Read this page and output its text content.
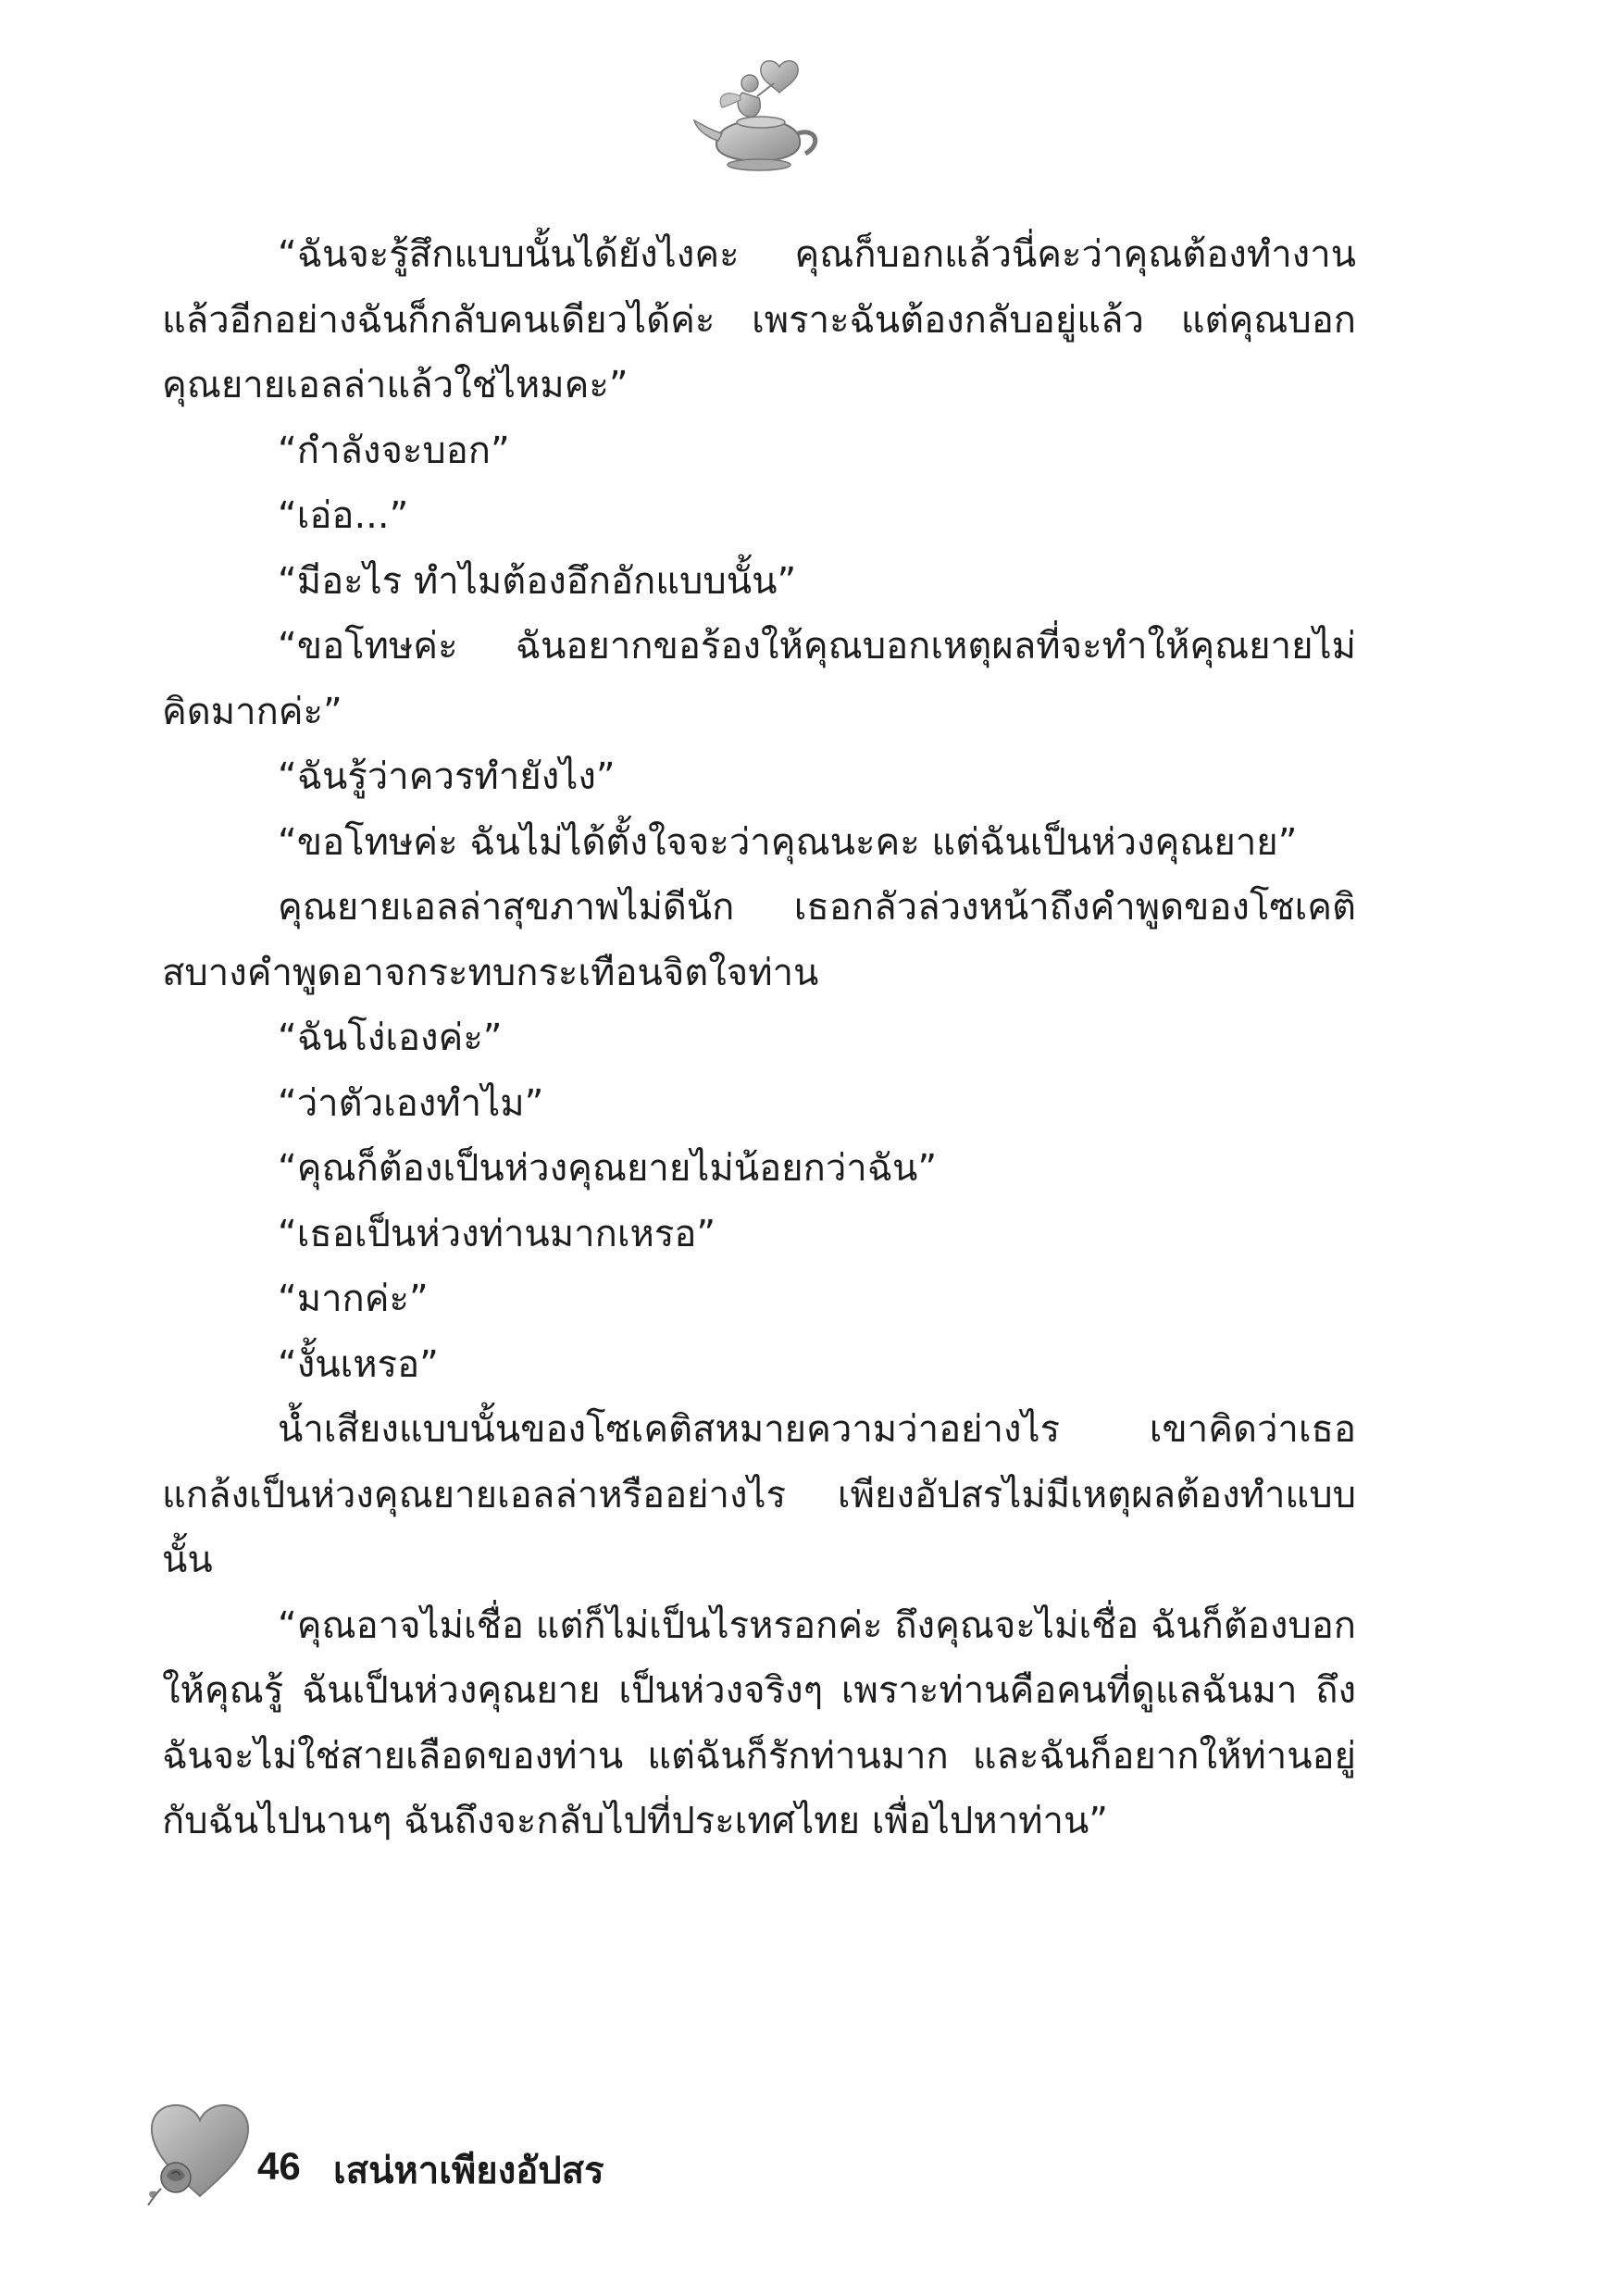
“ฉันจะรู้สึกแบบนั้นได้ยังไงคะ คุณก็บอกแล้วนี่คะว่าคุณต้องทำงาน แล้วอีกอย่างฉันก็กลับคนเดียวได้ค่ะ เพราะฉันต้องกลับอยู่แล้ว แต่คุณบอกคุณยายเอลล่าแล้วใช่ไหมคะ”

“กำลังจะบอก”

“เอ่อ...”

“มีอะไร ทำไมต้องอึกอักแบบนั้น”

“ขอโทษค่ะ ฉันอยากขอร้องให้คุณบอกเหตุผลที่จะทำให้คุณยายไม่คิดมากค่ะ”

“ฉันรู้ว่าควรทำยังไง”

“ขอโทษค่ะ ฉันไม่ได้ตั้งใจจะว่าคุณนะคะ แต่ฉันเป็นห่วงคุณยาย”

คุณยายเอลล่าสุขภาพไม่ดีนัก เธอกลัวล่วงหน้าถึงคำพูดของโซเคติสบางคำพูดอาจกระทบกระเทือนจิตใจท่าน

“ฉันโง่เองค่ะ”

“ว่าตัวเองทำไม”

“คุณก็ต้องเป็นห่วงคุณยายไม่น้อยกว่าฉัน”

“เธอเป็นห่วงท่านมากเหรอ”

“มากค่ะ”

“งั้นเหรอ”

น้ำเสียงแบบนั้นของโซเคติสหมายความว่าอย่างไร เขาคิดว่าเธอแกล้งเป็นห่วงคุณยายเอลล่าหรืออย่างไร เพียงอัปสรไม่มีเหตุผลต้องทำแบบนั้น

“คุณอาจไม่เชื่อ แต่ก็ไม่เป็นไรหรอกค่ะ ถึงคุณจะไม่เชื่อ ฉันก็ต้องบอกให้คุณรู้ ฉันเป็นห่วงคุณยาย เป็นห่วงจริงๆ เพราะท่านคือคนที่ดูแลฉันมา ถึงฉันจะไม่ใช่สายเลือดของท่าน แต่ฉันก็รักท่านมาก และฉันก็อยากให้ท่านอยู่กับฉันไปนานๆ ฉันถึงจะกลับไปที่ประเทศไทย เพื่อไปหาท่าน”

46 เสน่หาเพียงอัปสร
